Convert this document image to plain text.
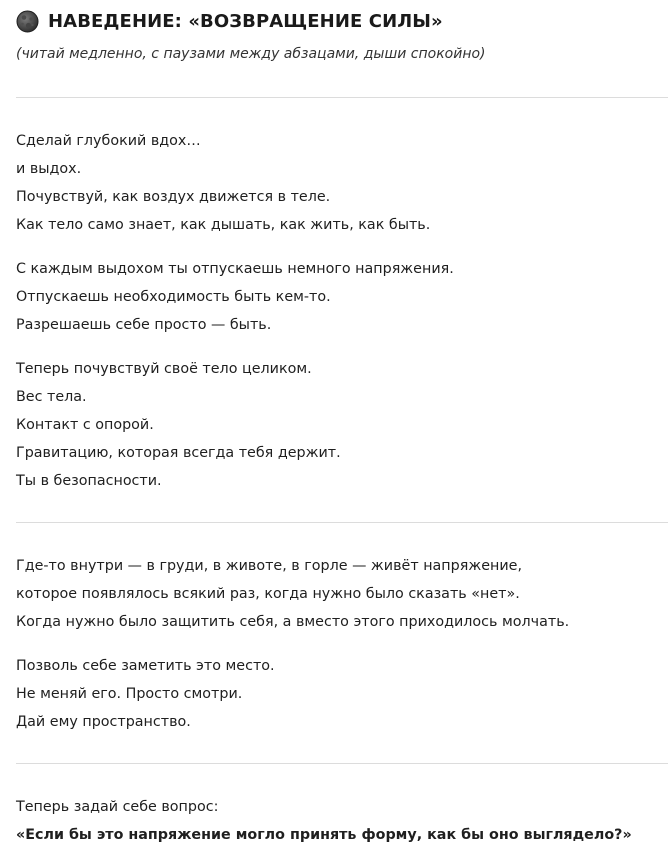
НАВЕДЕНИЕ: «ВОЗВРАЩЕНИЕ СИЛЫ»
(читай медленно, с паузами между абзацами, дыши спокойно)
Сделай глубокий вдох…
и выдох.
Почувствуй, как воздух движется в теле.
Как тело само знает, как дышать, как жить, как быть.
С каждым выдохом ты отпускаешь немного напряжения.
Отпускаешь необходимость быть кем-то.
Разрешаешь себе просто — быть.
Теперь почувствуй своё тело целиком.
Вес тела.
Контакт с опорой.
Гравитацию, которая всегда тебя держит.
Ты в безопасности.
Где-то внутри — в груди, в животе, в горле — живёт напряжение,
которое появлялось всякий раз, когда нужно было сказать «нет».
Когда нужно было защитить себя, а вместо этого приходилось молчать.
Позволь себе заметить это место.
Не меняй его. Просто смотри.
Дай ему пространство.
Теперь задай себе вопрос:
«Если бы это напряжение могло принять форму, как бы оно выглядело?»
